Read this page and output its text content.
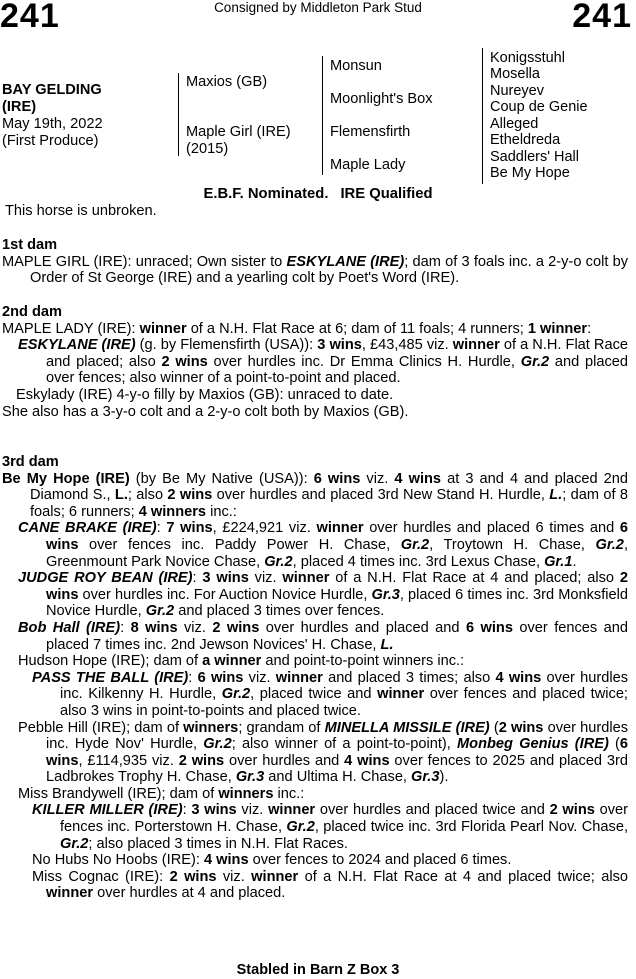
241	Consigned by Middleton Park Stud	241
BAY GELDING
(IRE)
May 19th, 2022
(First Produce)
Maxios (GB)
Maple Girl (IRE)
(2015)
Monsun
Moonlight's Box
Flemensfirth
Maple Lady
Konigsstuhl
Mosella
Nureyev
Coup de Genie
Alleged
Etheldreda
Saddlers' Hall
Be My Hope
E.B.F. Nominated. IRE Qualified
This horse is unbroken.
1st dam

MAPLE GIRL (IRE): unraced; Own sister to ESKYLANE (IRE); dam of 3 foals inc. a 2-y-o colt by Order of St George (IRE) and a yearling colt by Poet's Word (IRE).

2nd dam

MAPLE LADY (IRE): winner of a N.H. Flat Race at 6; dam of 11 foals; 4 runners; 1 winner:

ESKYLANE (IRE) (g. by Flemensfirth (USA)): 3 wins, £43,485 viz. winner of a N.H. Flat Race and placed; also 2 wins over hurdles inc. Dr Emma Clinics H. Hurdle, Gr.2 and placed over fences; also winner of a point-to-point and placed.

Eskylady (IRE) 4-y-o filly by Maxios (GB): unraced to date.

She also has a 3-y-o colt and a 2-y-o colt both by Maxios (GB).

3rd dam

Be My Hope (IRE) (by Be My Native (USA)): 6 wins viz. 4 wins at 3 and 4 and placed 2nd Diamond S., L.; also 2 wins over hurdles and placed 3rd New Stand H. Hurdle, L.; dam of 8 foals; 6 runners; 4 winners inc.:

CANE BRAKE (IRE): 7 wins, £224,921 viz. winner over hurdles and placed 6 times and 6 wins over fences inc. Paddy Power H. Chase, Gr.2, Troytown H. Chase, Gr.2, Greenmount Park Novice Chase, Gr.2, placed 4 times inc. 3rd Lexus Chase, Gr.1.

JUDGE ROY BEAN (IRE): 3 wins viz. winner of a N.H. Flat Race at 4 and placed; also 2 wins over hurdles inc. For Auction Novice Hurdle, Gr.3, placed 6 times inc. 3rd Monksfield Novice Hurdle, Gr.2 and placed 3 times over fences.

Bob Hall (IRE): 8 wins viz. 2 wins over hurdles and placed and 6 wins over fences and placed 7 times inc. 2nd Jewson Novices' H. Chase, L.

Hudson Hope (IRE); dam of a winner and point-to-point winners inc.:

PASS THE BALL (IRE): 6 wins viz. winner and placed 3 times; also 4 wins over hurdles inc. Kilkenny H. Hurdle, Gr.2, placed twice and winner over fences and placed twice; also 3 wins in point-to-points and placed twice.

Pebble Hill (IRE); dam of winners; grandam of MINELLA MISSILE (IRE) (2 wins over hurdles inc. Hyde Nov' Hurdle, Gr.2; also winner of a point-to-point), Monbeg Genius (IRE) (6 wins, £114,935 viz. 2 wins over hurdles and 4 wins over fences to 2025 and placed 3rd Ladbrokes Trophy H. Chase, Gr.3 and Ultima H. Chase, Gr.3).

Miss Brandywell (IRE); dam of winners inc.:

KILLER MILLER (IRE): 3 wins viz. winner over hurdles and placed twice and 2 wins over fences inc. Porterstown H. Chase, Gr.2, placed twice inc. 3rd Florida Pearl Nov. Chase, Gr.2; also placed 3 times in N.H. Flat Races.

No Hubs No Hoobs (IRE): 4 wins over fences to 2024 and placed 6 times.

Miss Cognac (IRE): 2 wins viz. winner of a N.H. Flat Race at 4 and placed twice; also winner over hurdles at 4 and placed.

Stabled in Barn Z Box 3
